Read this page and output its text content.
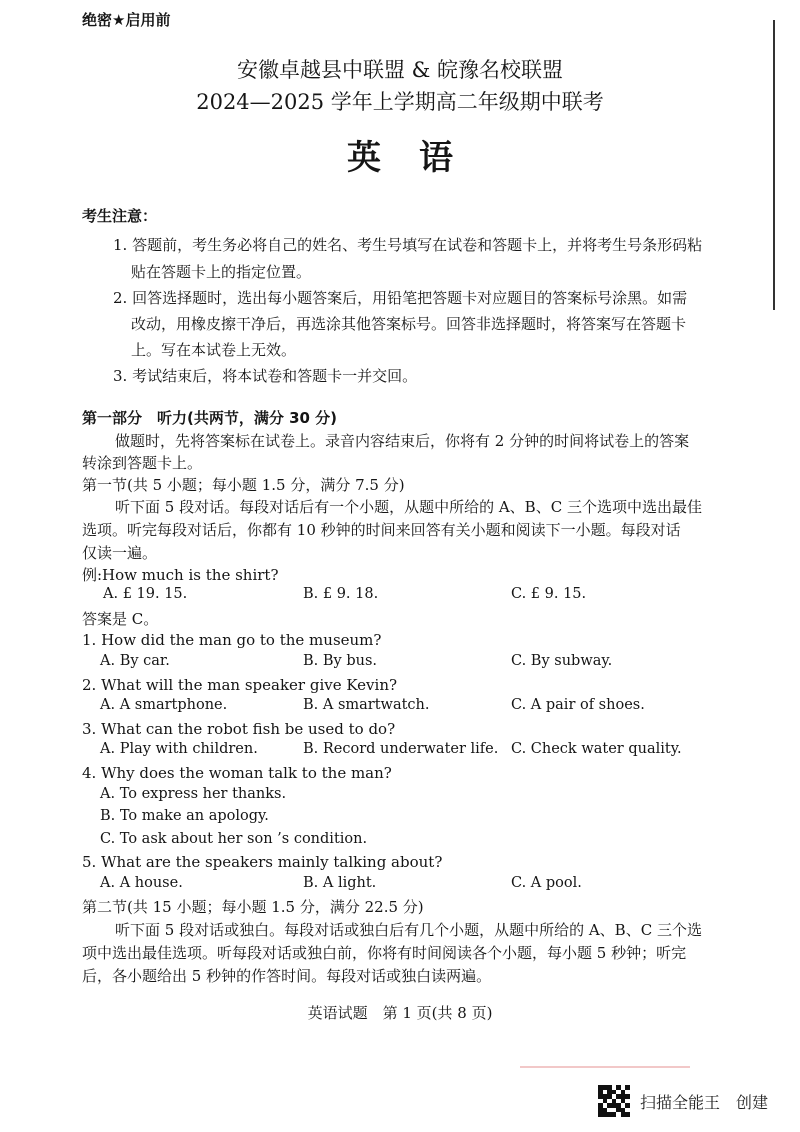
绝密★启用前
安徽卓越县中联盟 & 皖豫名校联盟
2024—2025 学年上学期高二年级期中联考
英语
考生注意：
1. 答题前，考生务必将自己的姓名、考生号填写在试卷和答题卡上，并将考生号条形码粘
贴在答题卡上的指定位置。
2. 回答选择题时，选出每小题答案后，用铅笔把答题卡对应题目的答案标号涂黑。如需
改动，用橡皮擦干净后，再选涂其他答案标号。回答非选择题时，将答案写在答题卡
上。写在本试卷上无效。
3. 考试结束后，将本试卷和答题卡一并交回。
第一部分　听力(共两节，满分 30 分)
做题时，先将答案标在试卷上。录音内容结束后，你将有 2 分钟的时间将试卷上的答案
转涂到答题卡上。
第一节(共 5 小题；每小题 1.5 分，满分 7.5 分)
听下面 5 段对话。每段对话后有一个小题，从题中所给的 A、B、C 三个选项中选出最佳
选项。听完每段对话后，你都有 10 秒钟的时间来回答有关小题和阅读下一小题。每段对话
仅读一遍。
例:How much is the shirt?
A. £ 19. 15.	B. £ 9. 18.	C. £ 9. 15.
答案是 C。
1. How did the man go to the museum?
A. By car.	B. By bus.	C. By subway.
2. What will the man speaker give Kevin?
A. A smartphone.	B. A smartwatch.	C. A pair of shoes.
3. What can the robot fish be used to do?
A. Play with children.	B. Record underwater life. C. Check water quality.
4. Why does the woman talk to the man?
A. To express her thanks.
B. To make an apology.
C. To ask about her son ’s condition.
5. What are the speakers mainly talking about?
A. A house.	B. A light.	C. A pool.
第二节(共 15 小题；每小题 1.5 分，满分 22.5 分)
听下面 5 段对话或独白。每段对话或独白后有几个小题，从题中所给的 A、B、C 三个选
项中选出最佳选项。听每段对话或独白前，你将有时间阅读各个小题，每小题 5 秒钟；听完
后，各小题给出 5 秒钟的作答时间。每段对话或独白读两遍。
英语试题　第 1 页(共 8 页)
扫描全能王　创建
